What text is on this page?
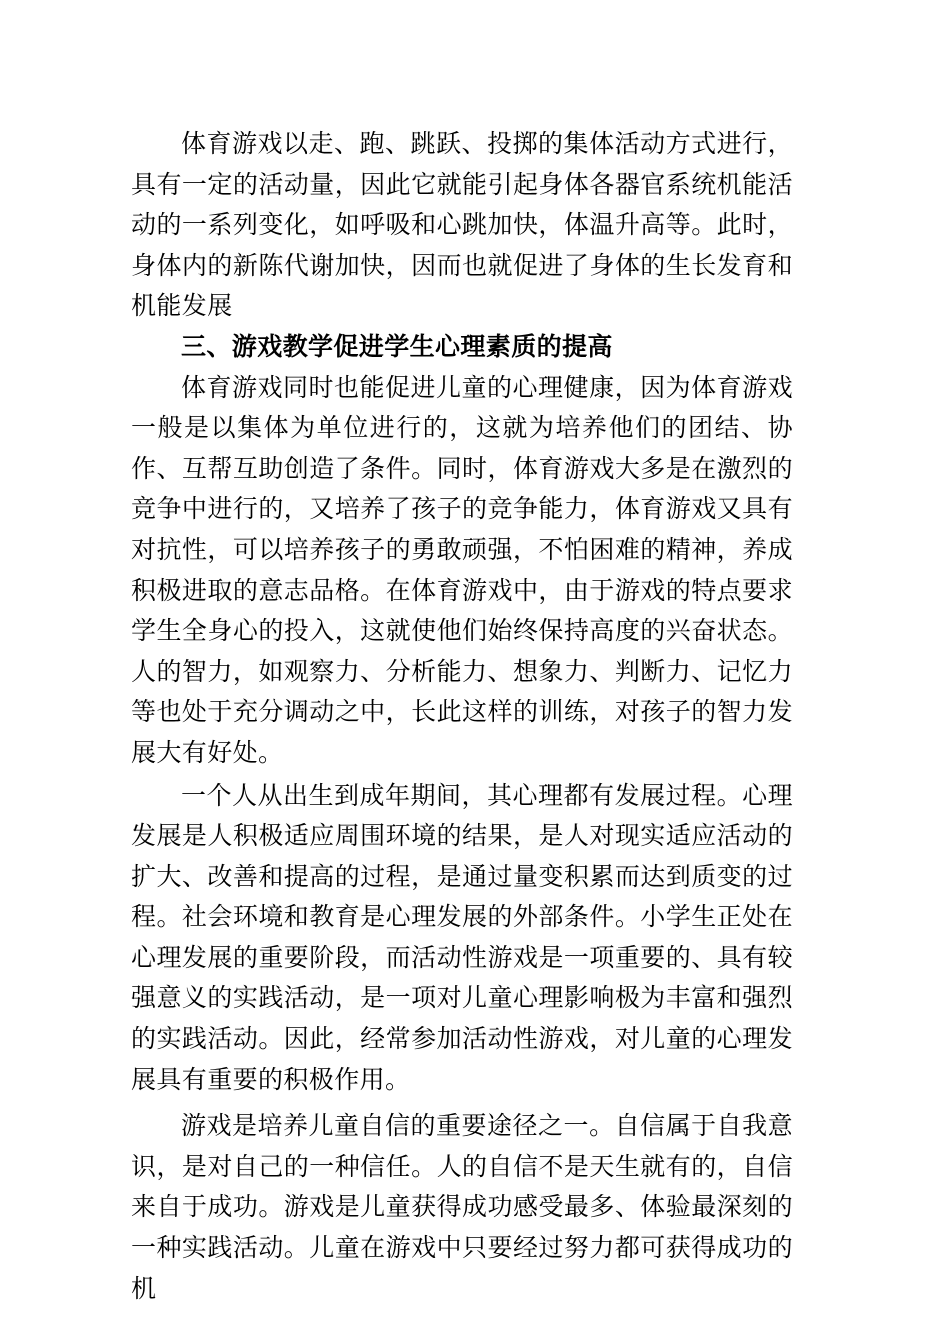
体育游戏以走、跑、跳跃、投掷的集体活动方式进行，具有一定的活动量，因此它就能引起身体各器官系统机能活动的一系列变化，如呼吸和心跳加快，体温升高等。此时，身体内的新陈代谢加快，因而也就促进了身体的生长发育和机能发展

三、游戏教学促进学生心理素质的提高

体育游戏同时也能促进儿童的心理健康，因为体育游戏一般是以集体为单位进行的，这就为培养他们的团结、协作、互帮互助创造了条件。同时，体育游戏大多是在激烈的竞争中进行的，又培养了孩子的竞争能力，体育游戏又具有对抗性，可以培养孩子的勇敢顽强，不怕困难的精神，养成积极进取的意志品格。在体育游戏中，由于游戏的特点要求学生全身心的投入，这就使他们始终保持高度的兴奋状态。人的智力，如观察力、分析能力、想象力、判断力、记忆力等也处于充分调动之中，长此这样的训练，对孩子的智力发展大有好处。

一个人从出生到成年期间，其心理都有发展过程。心理发展是人积极适应周围环境的结果，是人对现实适应活动的扩大、改善和提高的过程，是通过量变积累而达到质变的过程。社会环境和教育是心理发展的外部条件。小学生正处在心理发展的重要阶段，而活动性游戏是一项重要的、具有较强意义的实践活动，是一项对儿童心理影响极为丰富和强烈的实践活动。因此，经常参加活动性游戏，对儿童的心理发展具有重要的积极作用。

游戏是培养儿童自信的重要途径之一。自信属于自我意识，是对自己的一种信任。人的自信不是天生就有的，自信来自于成功。游戏是儿童获得成功感受最多、体验最深刻的一种实践活动。儿童在游戏中只要经过努力都可获得成功的机
